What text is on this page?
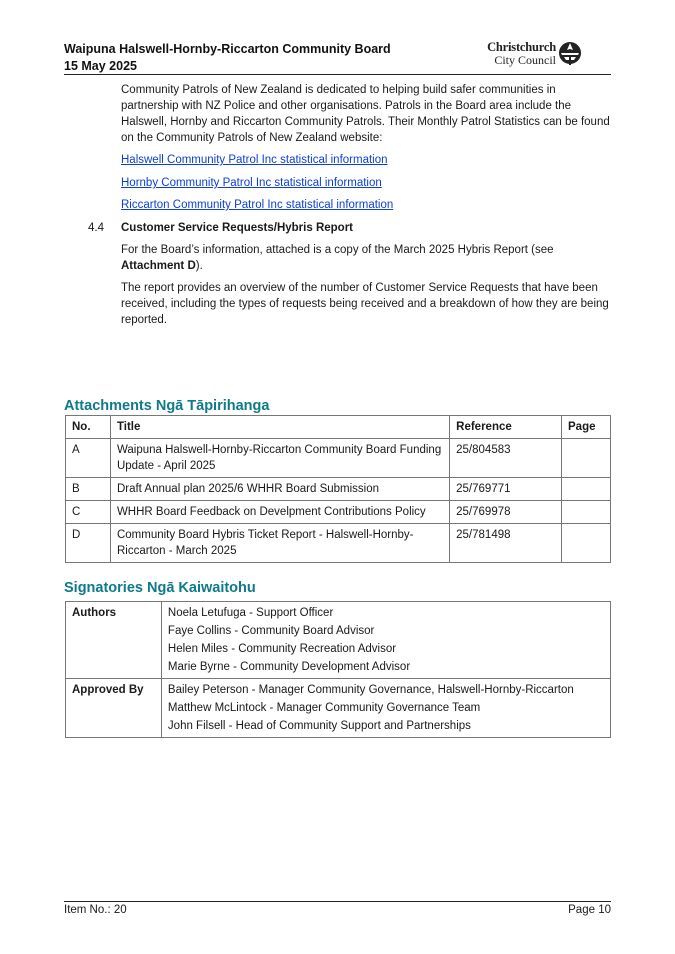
Waipuna Halswell-Hornby-Riccarton Community Board
15 May 2025
Christchurch
City Council
Community Patrols of New Zealand is dedicated to helping build safer communities in partnership with NZ Police and other organisations. Patrols in the Board area include the Halswell, Hornby and Riccarton Community Patrols. Their Monthly Patrol Statistics can be found on the Community Patrols of New Zealand website:
Halswell Community Patrol Inc statistical information
Hornby Community Patrol Inc statistical information
Riccarton Community Patrol Inc statistical information
4.4 Customer Service Requests/Hybris Report
For the Board’s information, attached is a copy of the March 2025 Hybris Report (see Attachment D).
The report provides an overview of the number of Customer Service Requests that have been received, including the types of requests being received and a breakdown of how they are being reported.
Attachments Ngā Tāpirihanga
No.	Title	Reference	Page
A	Waipuna Halswell-Hornby-Riccarton Community Board Funding Update - April 2025	25/804583	
B	Draft Annual plan 2025/6 WHHR Board Submission	25/769771	
C	WHHR Board Feedback on Develpment Contributions Policy	25/769978	
D	Community Board Hybris Ticket Report - Halswell-Hornby-Riccarton - March 2025	25/781498	
Signatories Ngā Kaiwaitohu
Authors	Noela Letufuga - Support Officer
Faye Collins - Community Board Advisor
Helen Miles - Community Recreation Advisor
Marie Byrne - Community Development Advisor

Approved By	Bailey Peterson - Manager Community Governance, Halswell-Hornby-Riccarton
Matthew McLintock - Manager Community Governance Team
John Filsell - Head of Community Support and Partnerships
Item No.: 20	Page 10
